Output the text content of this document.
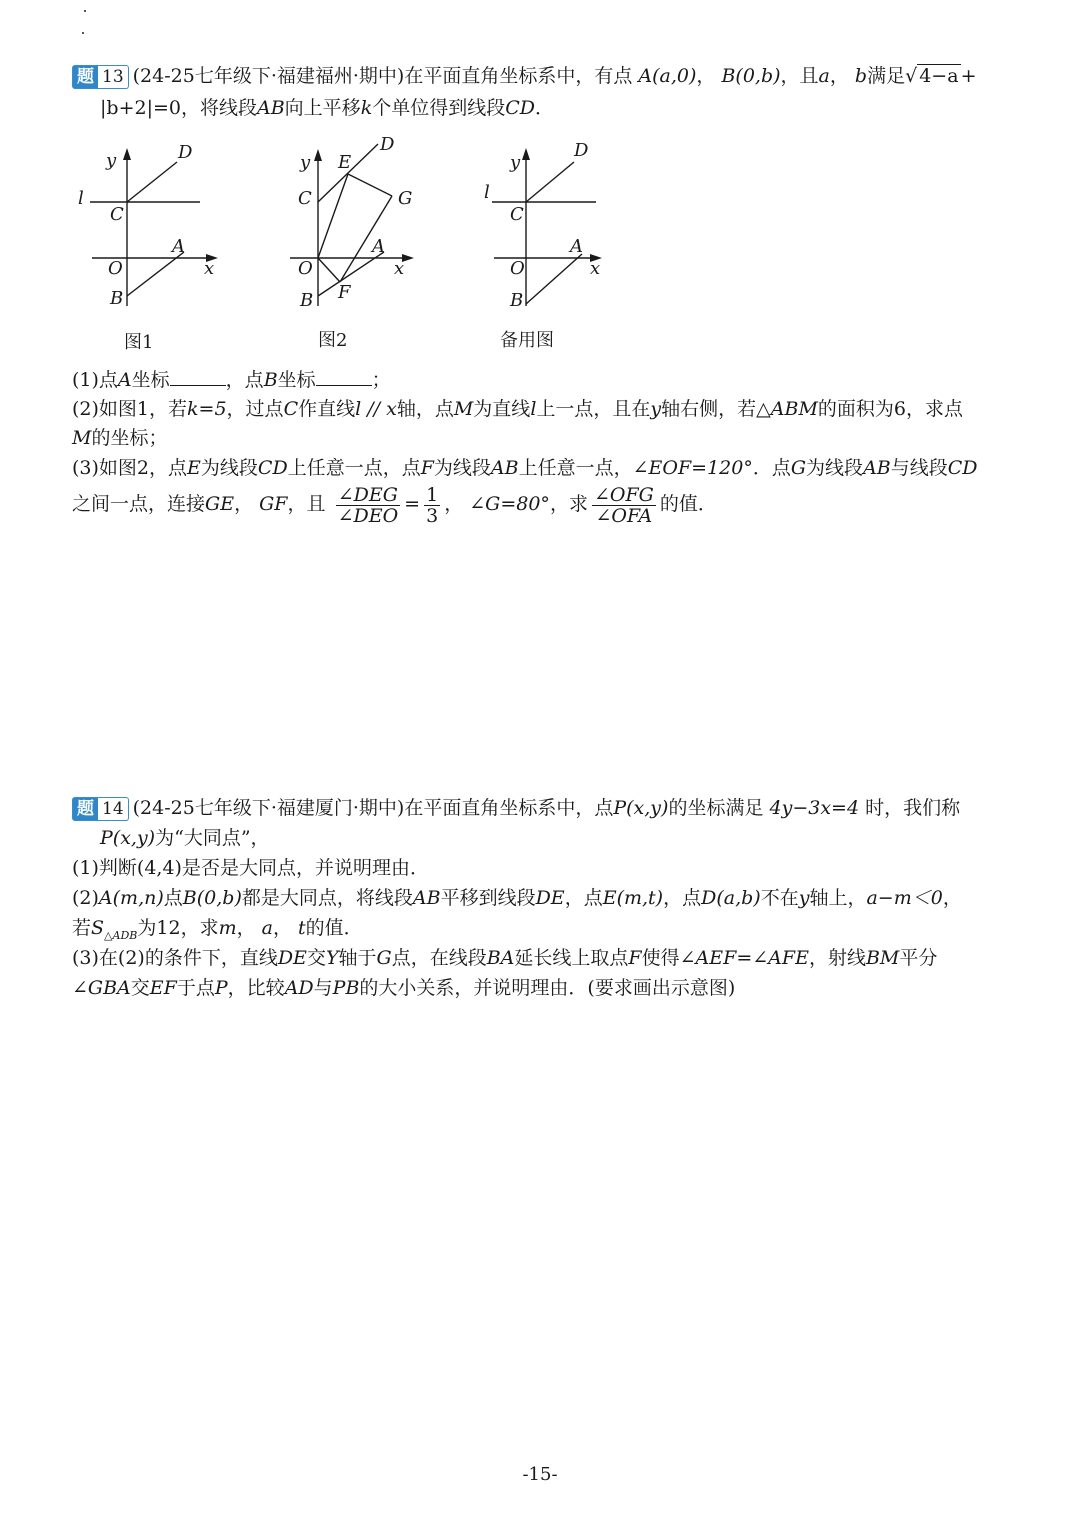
题 13 (24-25七年级下·福建福州·期中)在平面直角坐标系中，有点 A(a,0)， B(0,b)，且a， b满足√ 4−a +
|b+2|=0，将线段AB向上平移k个单位得到线段CD．
y	D
l
C
A
O	x
B
图1
y E
D
C	G
A
O	x
F
B
图2
y
D
l
C
A
O	x
B
备用图
(1)点A坐标	，点B坐标	；
(2)如图1，若k=5，过点C作直线l // x轴，点M为直线l上一点，且在y轴右侧，若△ABM的面积为6，求点
M的坐标；
(3)如图2，点E为线段CD上任意一点，点F为线段AB上任意一点，∠EOF=120°．点G为线段AB与线段CD
之间一点，连接GE， GF，且 $\frac{\text{∠DEG}}{\text{∠DEO}} = \frac{1}{3}$ ， ∠G=80°，求 $\frac{\text{∠OFG}}{\text{∠OFA}}$ 的值．
题 14 (24-25七年级下·福建厦门·期中)在平面直角坐标系中，点P(x,y)的坐标满足 4y−3x=4 时，我们称
P(x,y)为“大同点”，
(1)判断(4,4)是否是大同点，并说明理由．
(2)A(m,n)点B(0,b)都是大同点，将线段AB平移到线段DE，点E(m,t)，点D(a,b)不在y轴上，a−m＜0，
若$S_{\triangle ADB}$为12，求m， a， t的值．
(3)在(2)的条件下，直线DE交Y轴于G点，在线段BA延长线上取点F使得∠AEF=∠AFE，射线BM平分
∠GBA交EF于点P，比较AD与PB的大小关系，并说明理由．(要求画出示意图)
-15-
